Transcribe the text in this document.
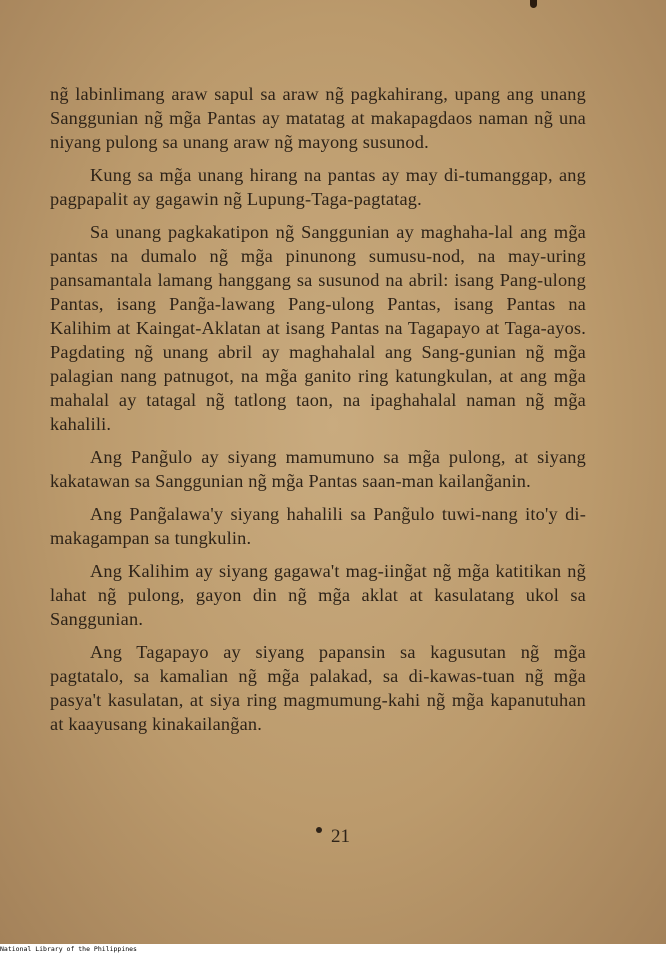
ng̃ labinlimang araw sapul sa araw ng̃ pagkahirang, upang ang unang Sanggunian ng̃ mg̃a Pantas ay matatag at makapagdaos naman ng̃ una niyang pulong sa unang araw ng̃ mayong susunod.

Kung sa mg̃a unang hirang na pantas ay may di-tumanggap, ang pagpapalit ay gagawin ng̃ Lupung-Taga-pagtatag.

Sa unang pagkakatipon ng̃ Sanggunian ay maghaha-lal ang mg̃a pantas na dumalo ng̃ mg̃a pinunong sumusu-nod, na may-uring pansamantala lamang hanggang sa susunod na abril: isang Pang-ulong Pantas, isang Pang̃a-lawang Pang-ulong Pantas, isang Pantas na Kalihim at Kaingat-Aklatan at isang Pantas na Tagapayo at Taga-ayos. Pagdating ng̃ unang abril ay maghahalal ang Sang-gunian ng̃ mg̃a palagian nang patnugot, na mg̃a ganito ring katungkulan, at ang mg̃a mahalal ay tatagal ng̃ tatlong taon, na ipaghahalal naman ng̃ mg̃a kahalili.

Ang Pang̃ulo ay siyang mamumuno sa mg̃a pulong, at siyang kakatawan sa Sanggunian ng̃ mg̃a Pantas saan-man kailang̃anin.

Ang Pang̃alawa'y siyang hahalili sa Pang̃ulo tuwi-nang ito'y di-makagampan sa tungkulin.

Ang Kalihim ay siyang gagawa't mag-iing̃at ng̃ mg̃a katitikan ng̃ lahat ng̃ pulong, gayon din ng̃ mg̃a aklat at kasulatang ukol sa Sanggunian.

Ang Tagapayo ay siyang papansin sa kagusutan ng̃ mg̃a pagtatalo, sa kamalian ng̃ mg̃a palakad, sa di-kawas-tuan ng̃ mg̃a pasya't kasulatan, at siya ring magmumung-kahi ng̃ mg̃a kapanutuhan at kaayusang kinakailang̃an.

21
National Library of the Philippines
